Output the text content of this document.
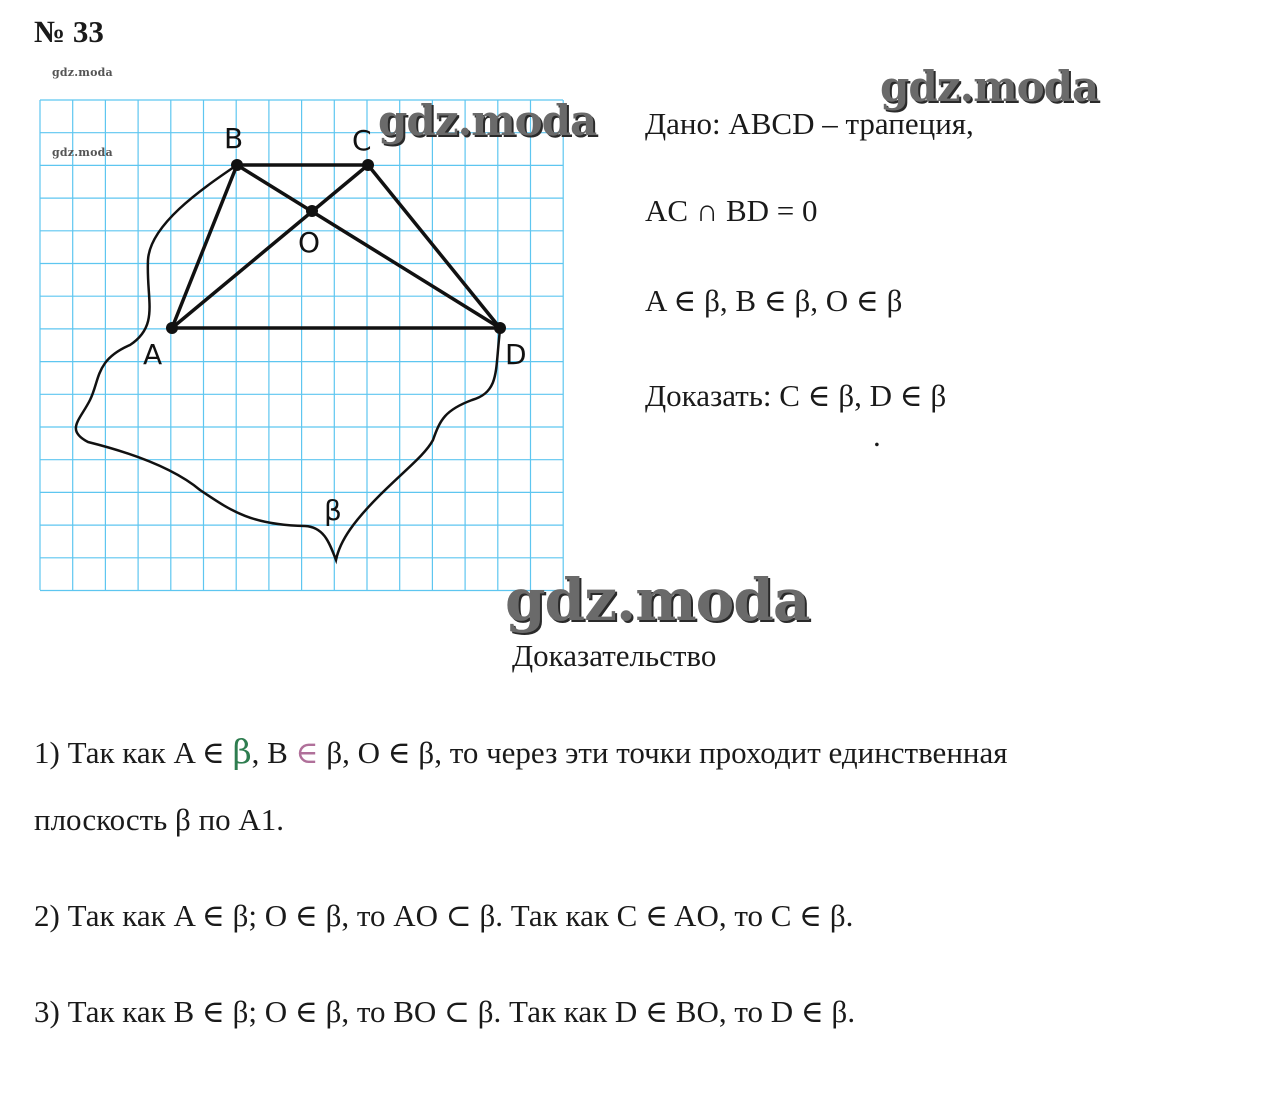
№ 33
B	C
A	D
O
β
gdz.moda
gdz.moda
gdz.moda
gdz.moda
gdz.moda
Дано: ABCD – трапеция,
AC ∩ BD = 0
A ∈ β, B ∈ β, O ∈ β
Доказать: C ∈ β, D ∈ β
.
Доказательство
1) Так как A ∈ β, B ∈ β, O ∈ β, то через эти точки проходит единственная
плоскость β по A1.
2) Так как A ∈ β; O ∈ β, то AO ⊂ β. Так как C ∈ AO, то C ∈ β.
3) Так как B ∈ β; O ∈ β, то BO ⊂ β. Так как D ∈ BO, то D ∈ β.
